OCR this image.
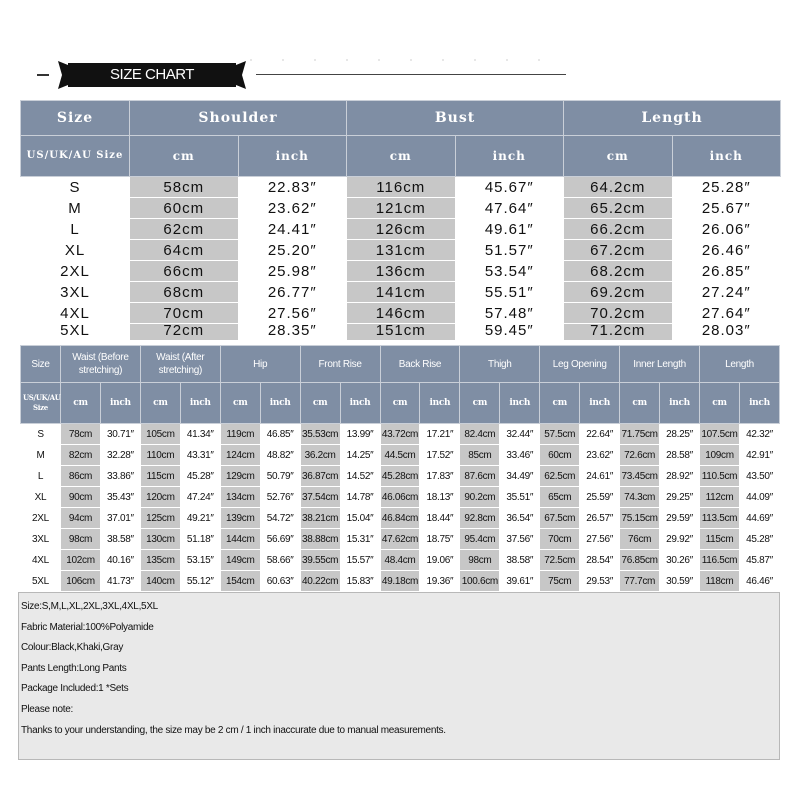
SIZE CHART
Size	Shoulder		Bust		Length	
US/UK/AU Size	cm	inch	cm	inch	cm	inch
S	58cm	22.83″	116cm	45.67″	64.2cm	25.28″
M	60cm	23.62″	121cm	47.64″	65.2cm	25.67″
L	62cm	24.41″	126cm	49.61″	66.2cm	26.06″
XL	64cm	25.20″	131cm	51.57″	67.2cm	26.46″
2XL	66cm	25.98″	136cm	53.54″	68.2cm	26.85″
3XL	68cm	26.77″	141cm	55.51″	69.2cm	27.24″
4XL	70cm	27.56″	146cm	57.48″	70.2cm	27.64″
5XL	72cm	28.35″	151cm	59.45″	71.2cm	28.03″
Size	Waist (Before stretching)		Waist (After stretching)		Hip		Front Rise		Back Rise		Thigh		Leg Opening		Inner Length		Length	
US/UK/AU Size	cm	inch	cm	inch	cm	inch	cm	inch	cm	inch	cm	inch	cm	inch	cm	inch	cm	inch
S	78cm	30.71″	105cm	41.34″	119cm	46.85″	35.53cm	13.99″	43.72cm	17.21″	82.4cm	32.44″	57.5cm	22.64″	71.75cm	28.25″	107.5cm	42.32″
M	82cm	32.28″	110cm	43.31″	124cm	48.82″	36.2cm	14.25″	44.5cm	17.52″	85cm	33.46″	60cm	23.62″	72.6cm	28.58″	109cm	42.91″
L	86cm	33.86″	115cm	45.28″	129cm	50.79″	36.87cm	14.52″	45.28cm	17.83″	87.6cm	34.49″	62.5cm	24.61″	73.45cm	28.92″	110.5cm	43.50″
XL	90cm	35.43″	120cm	47.24″	134cm	52.76″	37.54cm	14.78″	46.06cm	18.13″	90.2cm	35.51″	65cm	25.59″	74.3cm	29.25″	112cm	44.09″
2XL	94cm	37.01″	125cm	49.21″	139cm	54.72″	38.21cm	15.04″	46.84cm	18.44″	92.8cm	36.54″	67.5cm	26.57″	75.15cm	29.59″	113.5cm	44.69″
3XL	98cm	38.58″	130cm	51.18″	144cm	56.69″	38.88cm	15.31″	47.62cm	18.75″	95.4cm	37.56″	70cm	27.56″	76cm	29.92″	115cm	45.28″
4XL	102cm	40.16″	135cm	53.15″	149cm	58.66″	39.55cm	15.57″	48.4cm	19.06″	98cm	38.58″	72.5cm	28.54″	76.85cm	30.26″	116.5cm	45.87″
5XL	106cm	41.73″	140cm	55.12″	154cm	60.63″	40.22cm	15.83″	49.18cm	19.36″	100.6cm	39.61″	75cm	29.53″	77.7cm	30.59″	118cm	46.46″

Size:S,M,L,XL,2XL,3XL,4XL,5XL

Fabric Material:100%Polyamide

Colour:Black,Khaki,Gray

Pants Length:Long Pants

Package Included:1 *Sets

Please note:

Thanks to your understanding, the size may be 2 cm / 1 inch inaccurate due to manual measurements.
